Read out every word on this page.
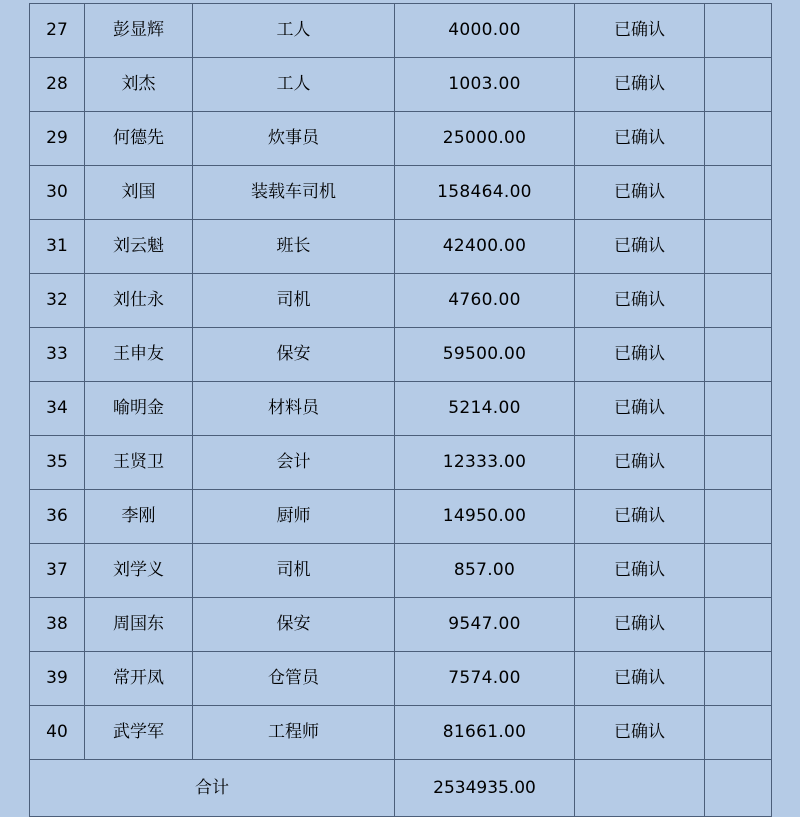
27	彭显辉	工人	4000.00	已确认	
28	刘杰	工人	1003.00	已确认	
29	何德先	炊事员	25000.00	已确认	
30	刘国	装载车司机	158464.00	已确认	
31	刘云魁	班长	42400.00	已确认	
32	刘仕永	司机	4760.00	已确认	
33	王申友	保安	59500.00	已确认	
34	喻明金	材料员	5214.00	已确认	
35	王贤卫	会计	12333.00	已确认	
36	李刚	厨师	14950.00	已确认	
37	刘学义	司机	857.00	已确认	
38	周国东	保安	9547.00	已确认	
39	常开凤	仓管员	7574.00	已确认	
40	武学军	工程师	81661.00	已确认	
合计			2534935.00		
